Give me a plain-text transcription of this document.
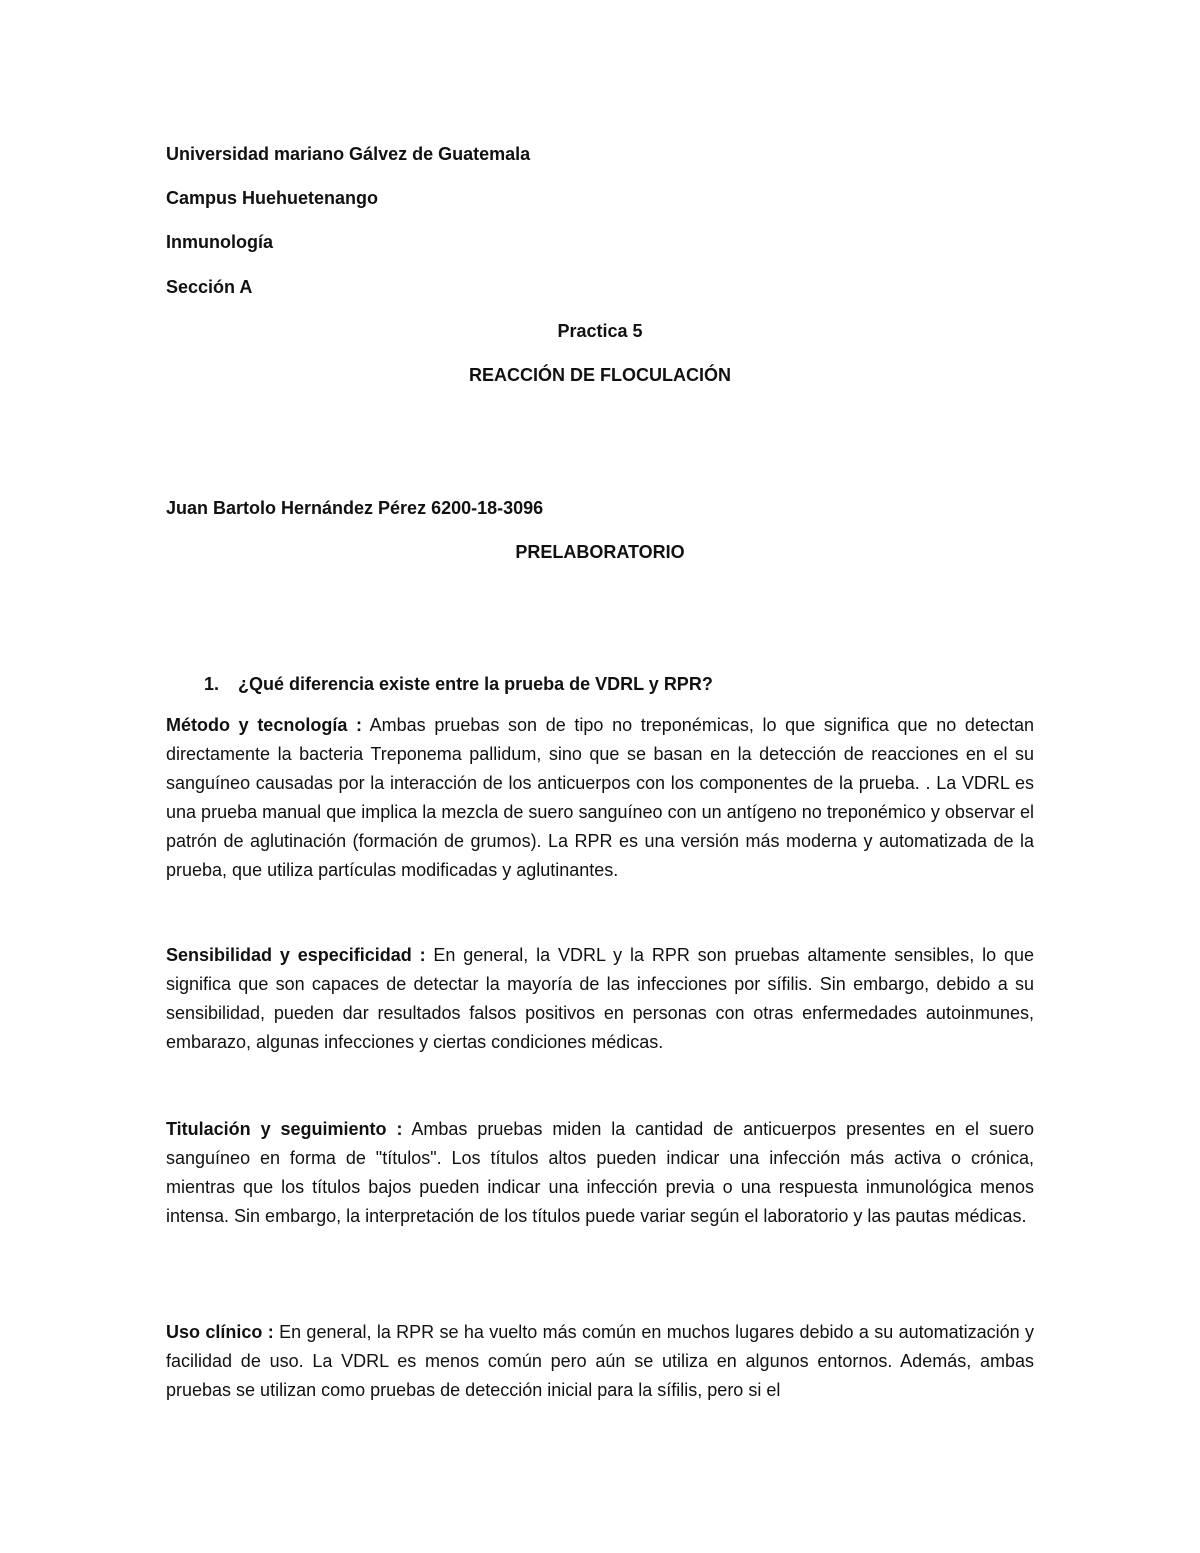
Universidad mariano Gálvez de Guatemala
Campus Huehuetenango
Inmunología
Sección A
Practica 5
REACCIÓN DE FLOCULACIÓN
Juan Bartolo Hernández Pérez 6200-18-3096
PRELABORATORIO
1. ¿Qué diferencia existe entre la prueba de VDRL y RPR?

Método y tecnología : Ambas pruebas son de tipo no treponémicas, lo que significa que no detectan directamente la bacteria Treponema pallidum, sino que se basan en la detección de reacciones en el su sanguíneo causadas por la interacción de los anticuerpos con los componentes de la prueba. . La VDRL es una prueba manual que implica la mezcla de suero sanguíneo con un antígeno no treponémico y observar el patrón de aglutinación (formación de grumos). La RPR es una versión más moderna y automatizada de la prueba, que utiliza partículas modificadas y aglutinantes.

Sensibilidad y especificidad : En general, la VDRL y la RPR son pruebas altamente sensibles, lo que significa que son capaces de detectar la mayoría de las infecciones por sífilis. Sin embargo, debido a su sensibilidad, pueden dar resultados falsos positivos en personas con otras enfermedades autoinmunes, embarazo, algunas infecciones y ciertas condiciones médicas.

Titulación y seguimiento : Ambas pruebas miden la cantidad de anticuerpos presentes en el suero sanguíneo en forma de "títulos". Los títulos altos pueden indicar una infección más activa o crónica, mientras que los títulos bajos pueden indicar una infección previa o una respuesta inmunológica menos intensa. Sin embargo, la interpretación de los títulos puede variar según el laboratorio y las pautas médicas.

Uso clínico : En general, la RPR se ha vuelto más común en muchos lugares debido a su automatización y facilidad de uso. La VDRL es menos común pero aún se utiliza en algunos entornos. Además, ambas pruebas se utilizan como pruebas de detección inicial para la sífilis, pero si el
